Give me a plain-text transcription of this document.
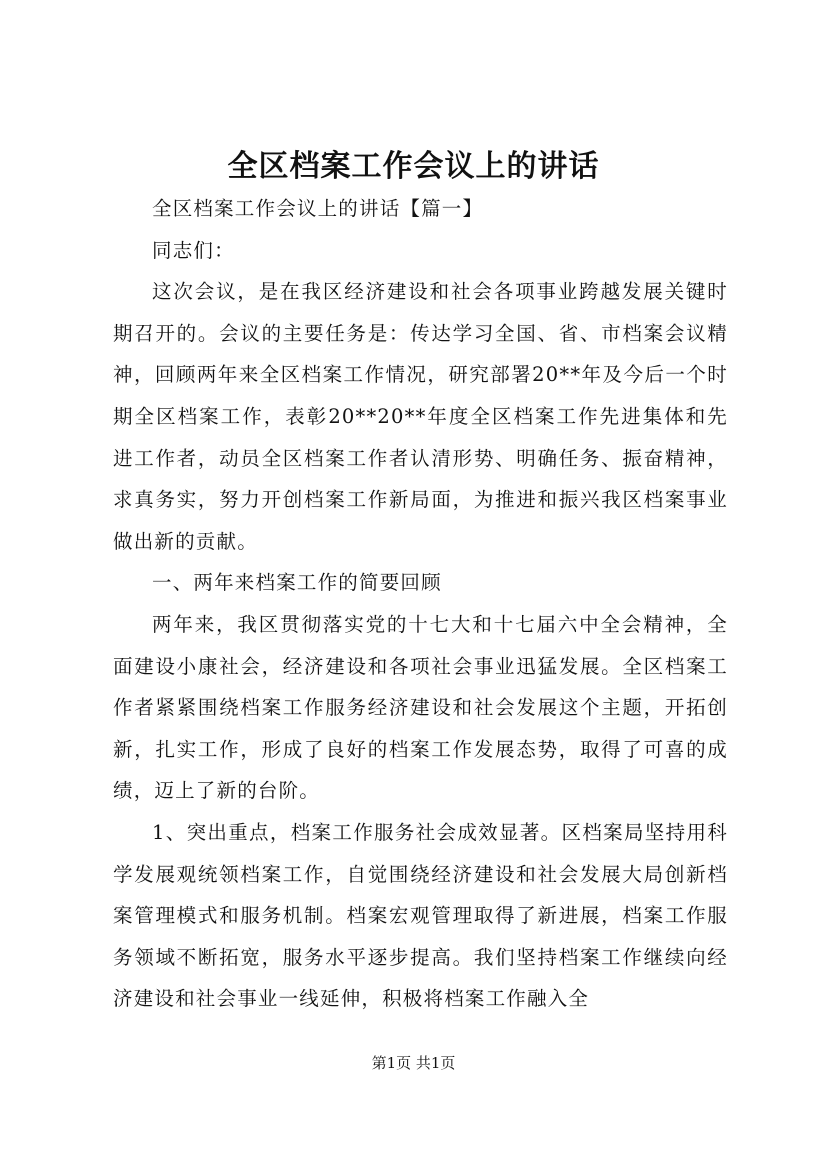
全区档案工作会议上的讲话

全区档案工作会议上的讲话【篇一】

同志们：

这次会议，是在我区经济建设和社会各项事业跨越发展关键时期召开的。会议的主要任务是：传达学习全国、省、市档案会议精神，回顾两年来全区档案工作情况，研究部署20**年及今后一个时期全区档案工作，表彰20**20**年度全区档案工作先进集体和先进工作者，动员全区档案工作者认清形势、明确任务、振奋精神，求真务实，努力开创档案工作新局面，为推进和振兴我区档案事业做出新的贡献。

一、两年来档案工作的简要回顾

两年来，我区贯彻落实党的十七大和十七届六中全会精神，全面建设小康社会，经济建设和各项社会事业迅猛发展。全区档案工作者紧紧围绕档案工作服务经济建设和社会发展这个主题，开拓创新，扎实工作，形成了良好的档案工作发展态势，取得了可喜的成绩，迈上了新的台阶。

1、突出重点，档案工作服务社会成效显著。区档案局坚持用科学发展观统领档案工作，自觉围绕经济建设和社会发展大局创新档案管理模式和服务机制。档案宏观管理取得了新进展，档案工作服务领域不断拓宽，服务水平逐步提高。我们坚持档案工作继续向经济建设和社会事业一线延伸，积极将档案工作融入全

第1页 共1页
